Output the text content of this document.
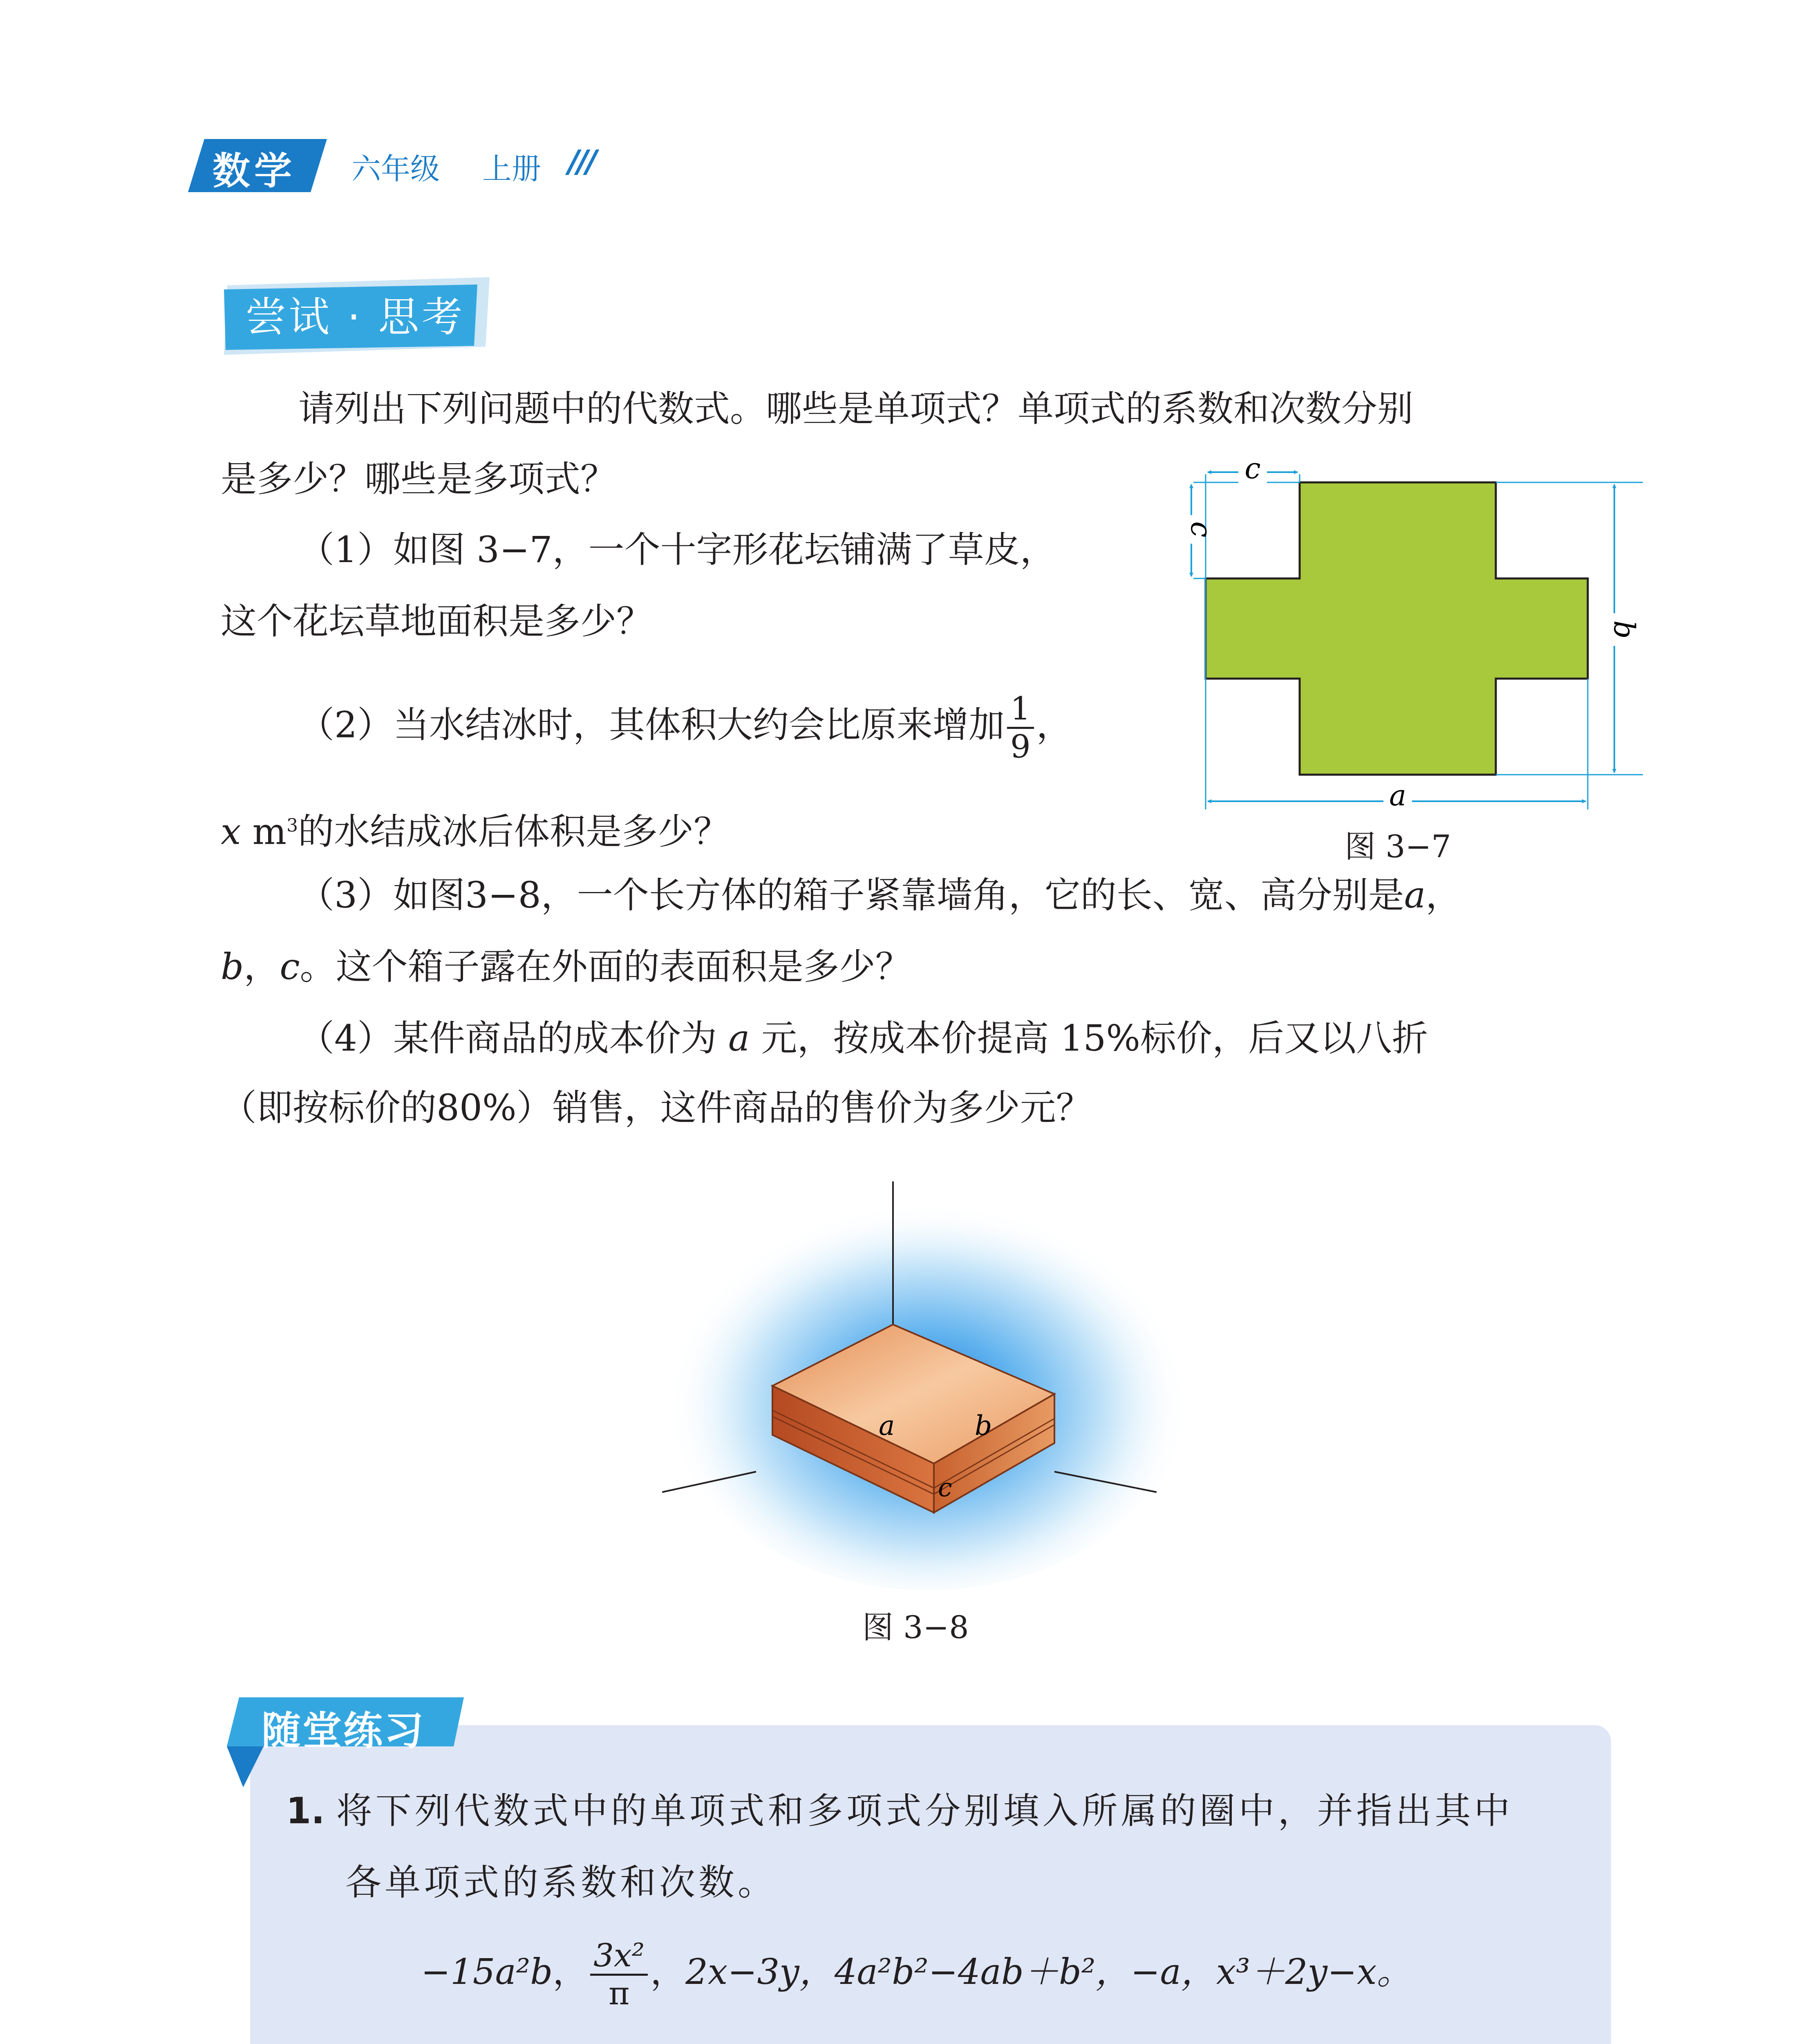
数学 六年级 上册 ///
尝试 · 思考
请列出下列问题中的代数式。哪些是单项式？单项式的系数和次数分别
是多少？哪些是多项式？
（1）如图 3−7，一个十字形花坛铺满了草皮，
这个花坛草地面积是多少？
（2）当水结冰时，其体积大约会比原来增加 $\frac{1}{9}$ ，
x $m^3$的水结成冰后体积是多少？
（3）如图3−8，一个长方体的箱子紧靠墙角，它的长、宽、高分别是a，
b，c。这个箱子露在外面的表面积是多少？
（4）某件商品的成本价为 a 元，按成本价提高 15%标价，后又以八折
（即按标价的80%）销售，这件商品的售价为多少元？
c
c
b
a
图 3−7
a	b
c
图 3−8
随堂练习
1. 将下列代数式中的单项式和多项式分别填入所属的圈中，并指出其中
各单项式的系数和次数。
−15a²b， $\frac{\text{3x²}}{\pi}$ ，2x−3y，4a²b²−4ab＋b²，−a，x³＋2y−x。
